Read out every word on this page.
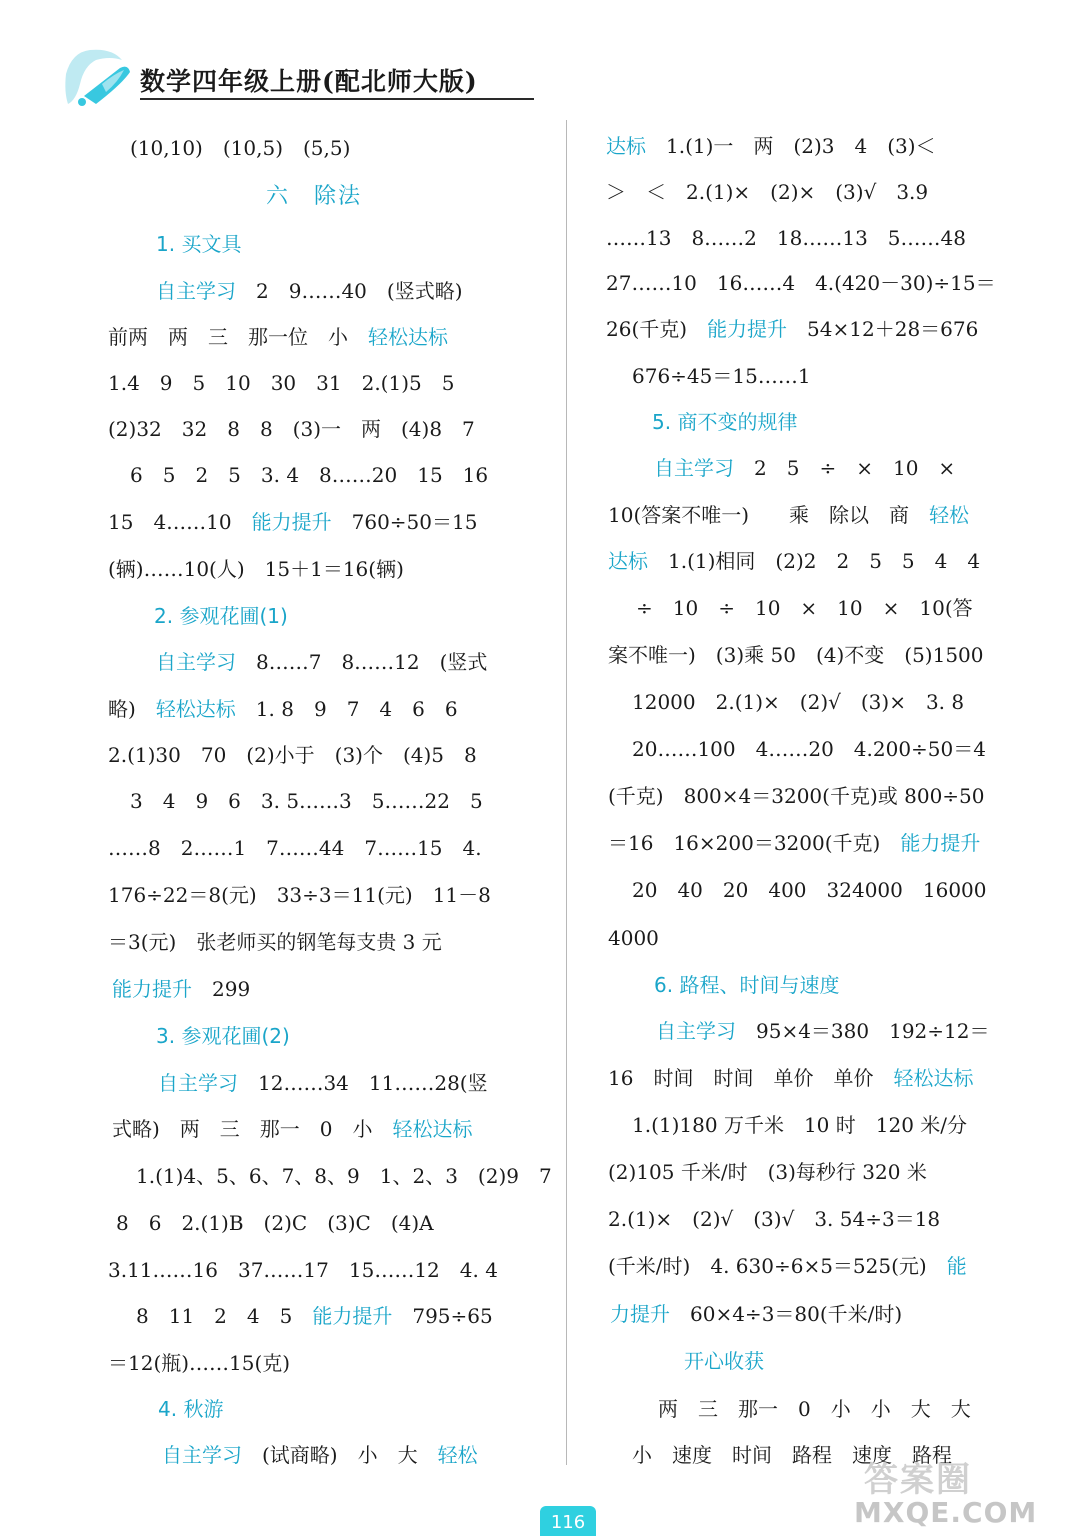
数学四年级上册(配北师大版)
(10,10)　(10,5)　(5,5)
六　除法
1. 买文具
自主学习　2　9……40　(竖式略)
前两　两　三　那一位　小　轻松达标
1.4　9　5　10　30　31　2.(1)5　5
(2)32　32　8　8　(3)一　两　(4)8　7
6　5　2　5　3. 4　8……20　15　16
15　4……10　能力提升　760÷50＝15
(辆)……10(人)　15＋1＝16(辆)
2. 参观花圃(1)
自主学习　8……7　8……12　(竖式
略)　轻松达标　1. 8　9　7　4　6　6
2.(1)30　70　(2)小于　(3)个　(4)5　8
3　4　9　6　3. 5……3　5……22　5
……8　2……1　7……44　7……15　4.
176÷22＝8(元)　33÷3＝11(元)　11－8
＝3(元)　张老师买的钢笔每支贵 3 元
能力提升　299
3. 参观花圃(2)
自主学习　12……34　11……28(竖
式略)　两　三　那一　0　小　轻松达标
1.(1)4、5、6、7、8、9　1、2、3　(2)9　7
8　6　2.(1)B　(2)C　(3)C　(4)A
3.11……16　37……17　15……12　4. 4
8　11　2　4　5　能力提升　795÷65
＝12(瓶)……15(克)
4. 秋游
自主学习　(试商略)　小　大　轻松
达标　1.(1)一　两　(2)3　4　(3)＜
＞　＜　2.(1)×　(2)×　(3)√　3.9
……13　8……2　18……13　5……48
27……10　16……4　4.(420－30)÷15＝
26(千克)　能力提升　54×12＋28＝676
676÷45＝15……1
5. 商不变的规律
自主学习　2　5　÷　×　10　×
10(答案不唯一)　　乘　除以　商　轻松
达标　1.(1)相同　(2)2　2　5　5　4　4
÷　10　÷　10　×　10　×　10(答
案不唯一)　(3)乘 50　(4)不变　(5)1500
12000　2.(1)×　(2)√　(3)×　3. 8
20……100　4……20　4.200÷50＝4
(千克)　800×4＝3200(千克)或 800÷50
＝16　16×200＝3200(千克)　能力提升
20　40　20　400　324000　16000
4000
6. 路程、时间与速度
自主学习　95×4＝380　192÷12＝
16　时间　时间　单价　单价　轻松达标
1.(1)180 万千米　10 时　120 米/分
(2)105 千米/时　(3)每秒行 320 米
2.(1)×　(2)√　(3)√　3. 54÷3＝18
(千米/时)　4. 630÷6×5＝525(元)　能
力提升　60×4÷3＝80(千米/时)
开心收获
两　三　那一　0　小　小　大　大
小　速度　时间　路程　速度　路程
116
答案圈
MXQE.COM
